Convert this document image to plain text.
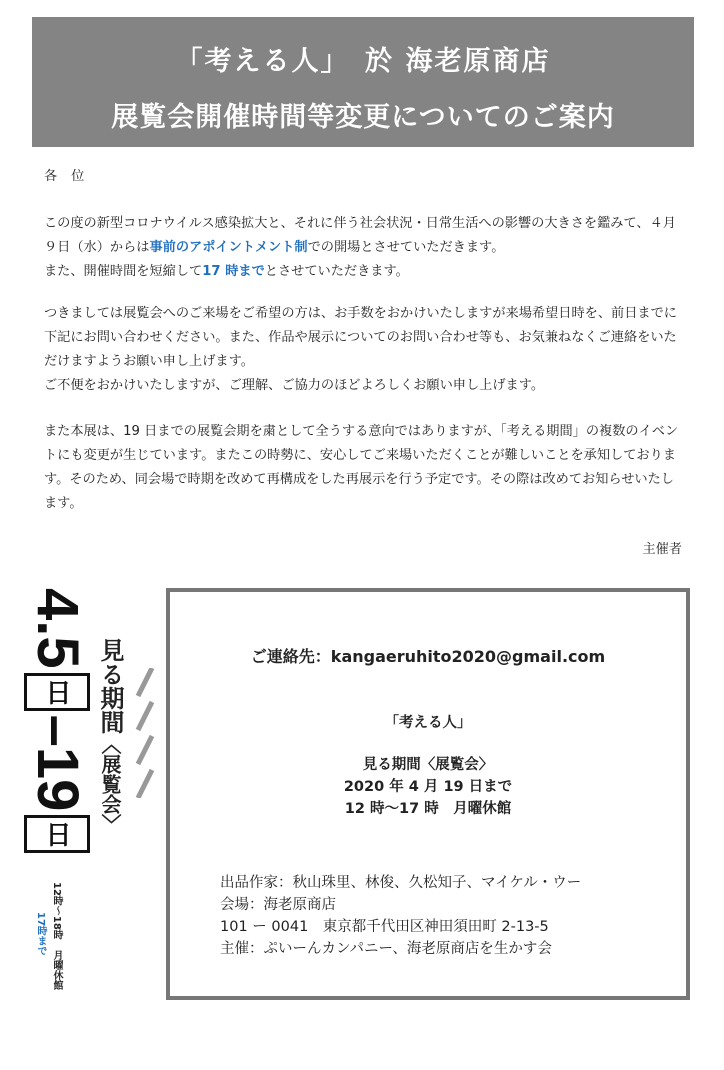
「考える人」　於 海老原商店
展覧会開催時間等変更についてのご案内
各位
この度の新型コロナウイルス感染拡大と、それに伴う社会状況・日常生活への影響の大きさを鑑みて、４月９日（水）からは事前のアポイントメント制での開場とさせていただきます。
また、開催時間を短縮して17 時までとさせていただきます。
つきましては展覧会へのご来場をご希望の方は、お手数をおかけいたしますが来場希望日時を、前日までに下記にお問い合わせください。また、作品や展示についてのお問い合わせ等も、お気兼ねなくご連絡をいただけますようお願い申し上げます。
ご不便をおかけいたしますが、ご理解、ご協力のほどよろしくお願い申し上げます。
また本展は、19 日までの展覧会期を粛として全うする意向ではありますが、「考える期間」の複数のイベントにも変更が生じています。またこの時勢に、安心してご来場いただくことが難しいことを承知しております。そのため、同会場で時期を改めて再構成をした再展示を行う予定です。その際は改めてお知らせいたします。
主催者
4.5日–19日
見る期間〈展覧会〉
12時〜18時
17時まで
月曜休館
ご連絡先：kangaeruhito2020@gmail.com
「考える人」
見る期間〈展覧会〉
2020 年 4 月 19 日まで
12 時〜17 時　月曜休館
出品作家：秋山珠里、林俊、久松知子、マイケル・ウー
会場：海老原商店
101 ー 0041　東京都千代田区神田須田町 2-13-5
主催：ぷいーんカンパニー、海老原商店を生かす会
